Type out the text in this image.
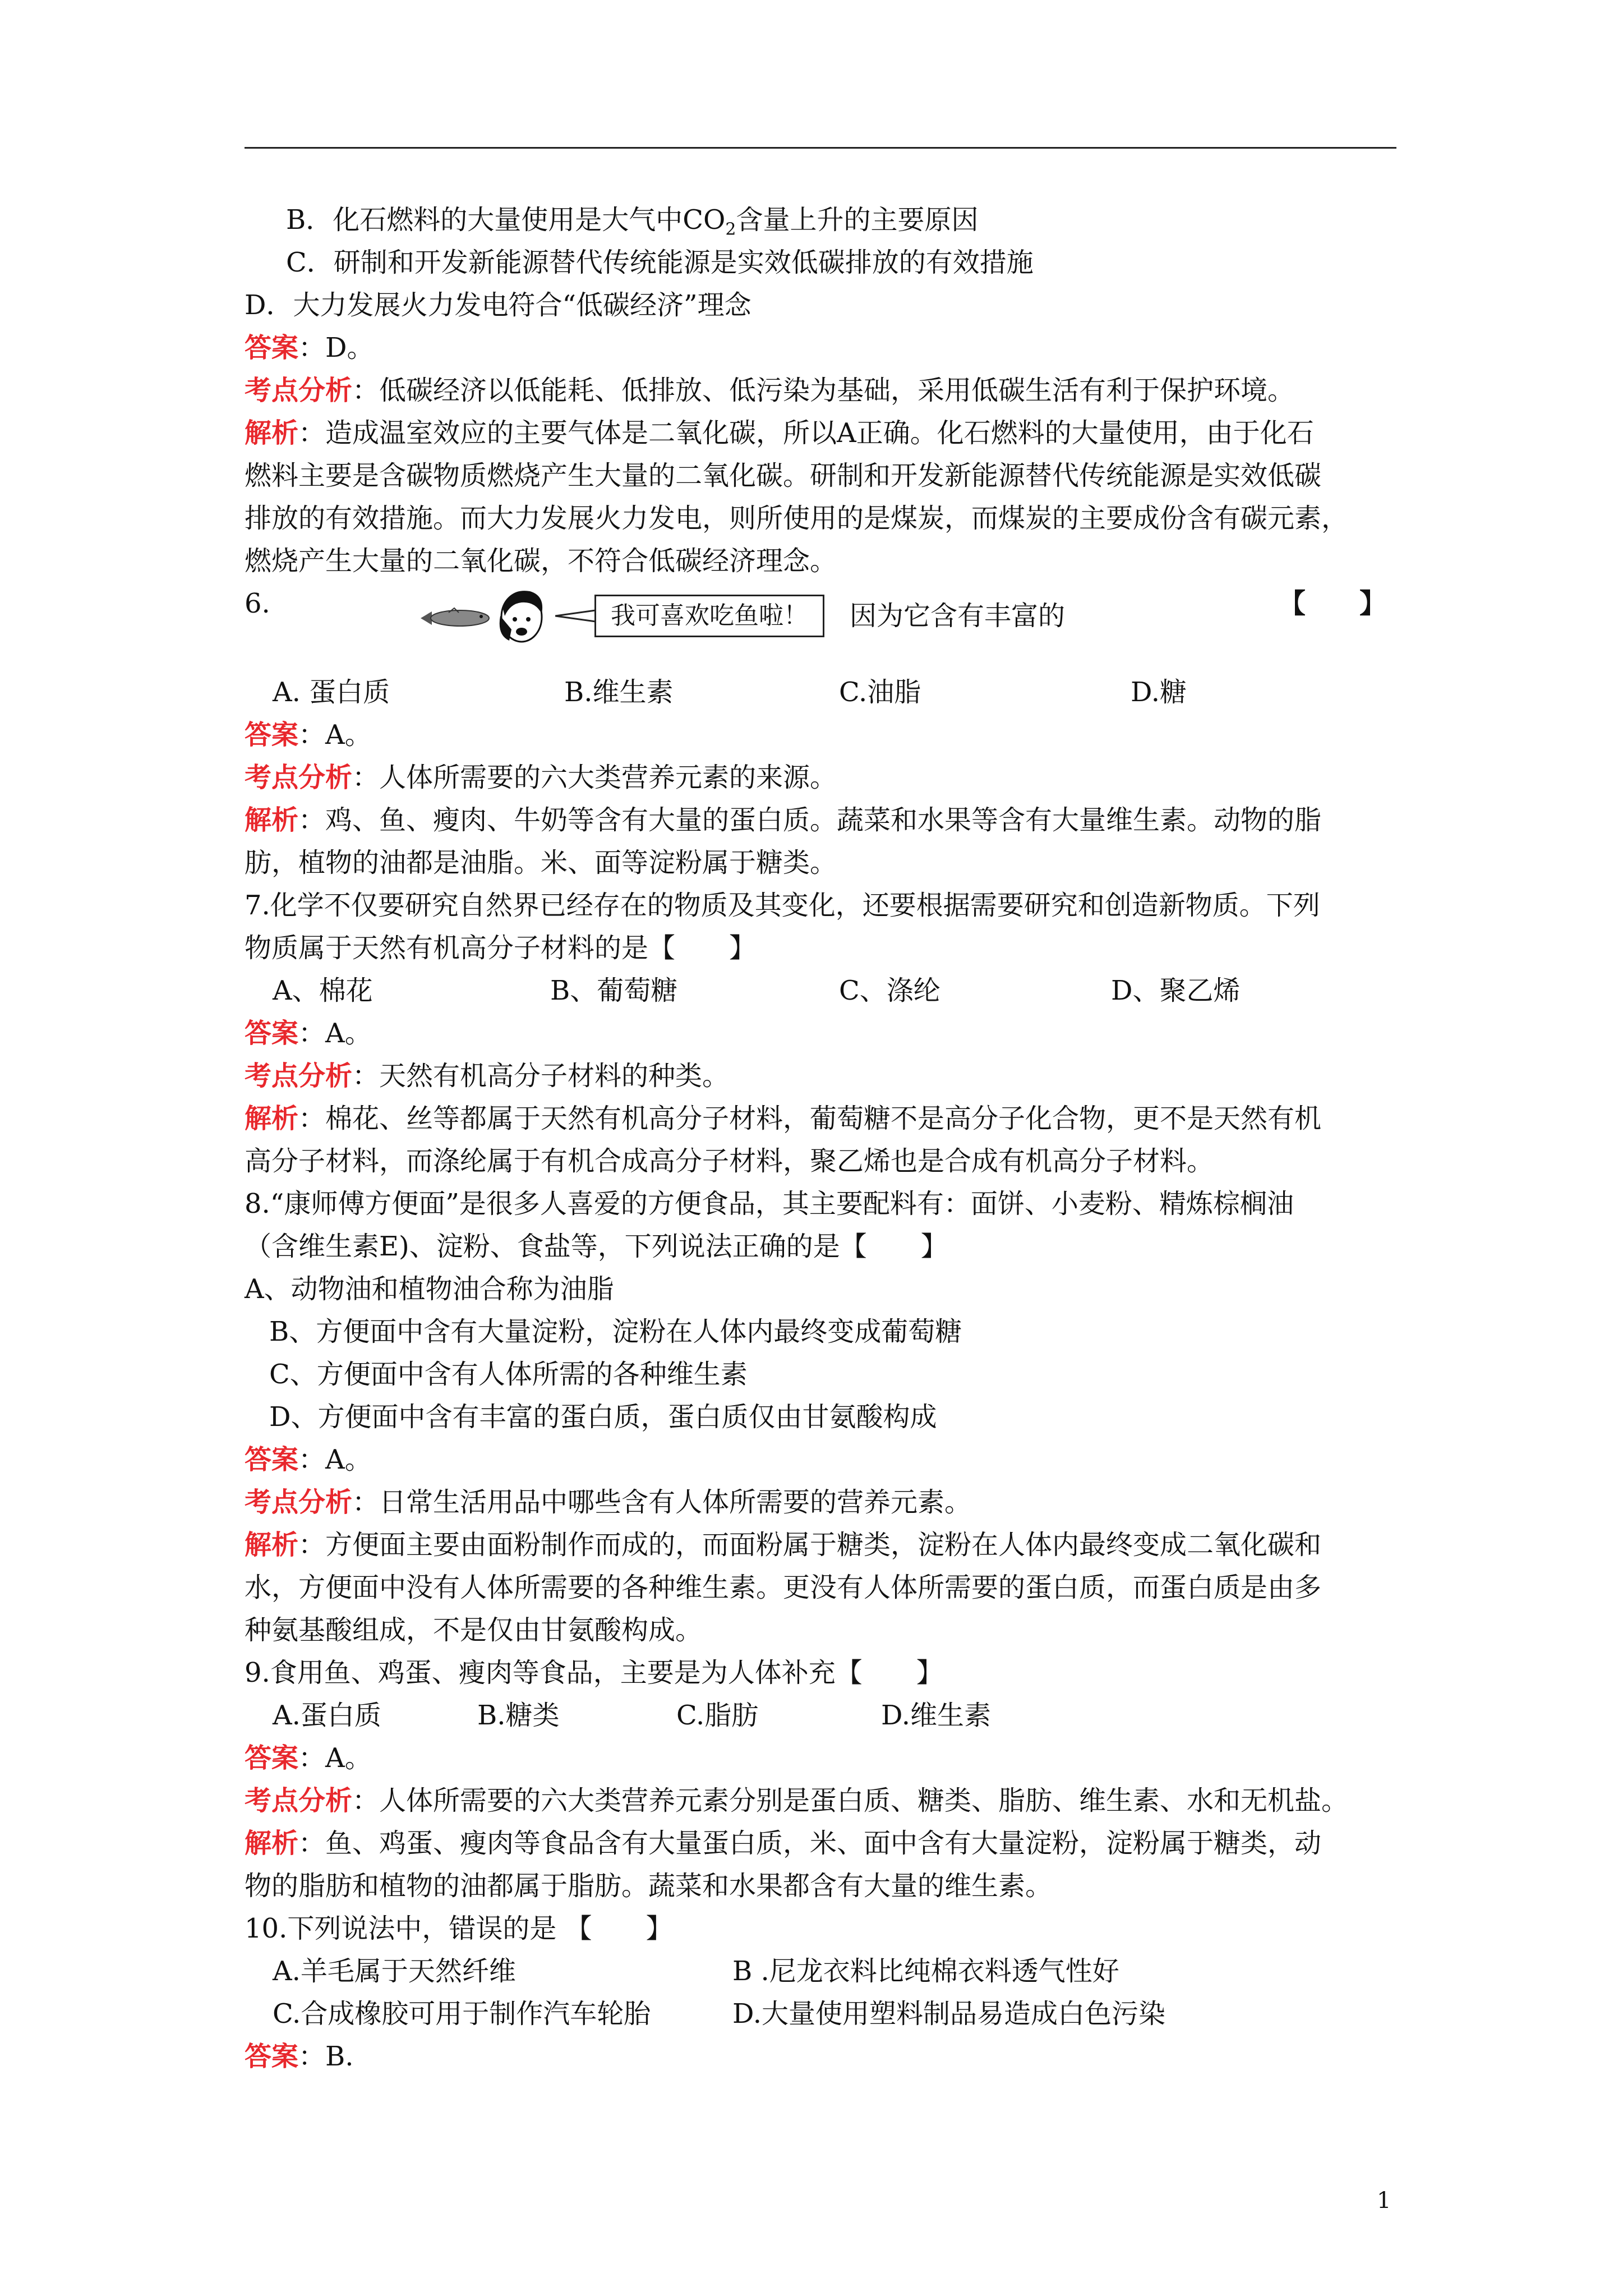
B．化石燃料的大量使用是大气中$CO_2$含量上升的主要原因
C．研制和开发新能源替代传统能源是实效低碳排放的有效措施
D．大力发展火力发电符合“低碳经济”理念
答案：D。
考点分析：低碳经济以低能耗、低排放、低污染为基础，采用低碳生活有利于保护环境。
解析：造成温室效应的主要气体是二氧化碳，所以A正确。化石燃料的大量使用，由于化石
燃料主要是含碳物质燃烧产生大量的二氧化碳。研制和开发新能源替代传统能源是实效低碳
排放的有效措施。而大力发展火力发电，则所使用的是煤炭，而煤炭的主要成份含有碳元素，
燃烧产生大量的二氧化碳，不符合低碳经济理念。
6.	我可喜欢吃鱼啦！	因为它含有丰富的	【　　】
A. 蛋白质	B.维生素	C.油脂	D.糖
答案：A。
考点分析：人体所需要的六大类营养元素的来源。
解析：鸡、鱼、瘦肉、牛奶等含有大量的蛋白质。蔬菜和水果等含有大量维生素。动物的脂
肪，植物的油都是油脂。米、面等淀粉属于糖类。
7.化学不仅要研究自然界已经存在的物质及其变化，还要根据需要研究和创造新物质。下列
物质属于天然有机高分子材料的是【　　】
A、棉花	B、葡萄糖	C、涤纶	D、聚乙烯
答案：A。
考点分析：天然有机高分子材料的种类。
解析：棉花、丝等都属于天然有机高分子材料，葡萄糖不是高分子化合物，更不是天然有机
高分子材料，而涤纶属于有机合成高分子材料，聚乙烯也是合成有机高分子材料。
8.“康师傅方便面”是很多人喜爱的方便食品，其主要配料有：面饼、小麦粉、精炼棕榈油
（含维生素E)、淀粉、食盐等，下列说法正确的是【　　】
A、动物油和植物油合称为油脂
B、方便面中含有大量淀粉，淀粉在人体内最终变成葡萄糖
C、方便面中含有人体所需的各种维生素
D、方便面中含有丰富的蛋白质，蛋白质仅由甘氨酸构成
答案：A。
考点分析：日常生活用品中哪些含有人体所需要的营养元素。
解析：方便面主要由面粉制作而成的，而面粉属于糖类，淀粉在人体内最终变成二氧化碳和
水，方便面中没有人体所需要的各种维生素。更没有人体所需要的蛋白质，而蛋白质是由多
种氨基酸组成，不是仅由甘氨酸构成。
9.食用鱼、鸡蛋、瘦肉等食品，主要是为人体补充【　　】
A.蛋白质	B.糖类	C.脂肪	D.维生素
答案：A。
考点分析：人体所需要的六大类营养元素分别是蛋白质、糖类、脂肪、维生素、水和无机盐。
解析：鱼、鸡蛋、瘦肉等食品含有大量蛋白质，米、面中含有大量淀粉，淀粉属于糖类，动
物的脂肪和植物的油都属于脂肪。蔬菜和水果都含有大量的维生素。
10.下列说法中，错误的是 【　　】
A.羊毛属于天然纤维	B .尼龙衣料比纯棉衣料透气性好
C.合成橡胶可用于制作汽车轮胎	D.大量使用塑料制品易造成白色污染
答案：B.
1
